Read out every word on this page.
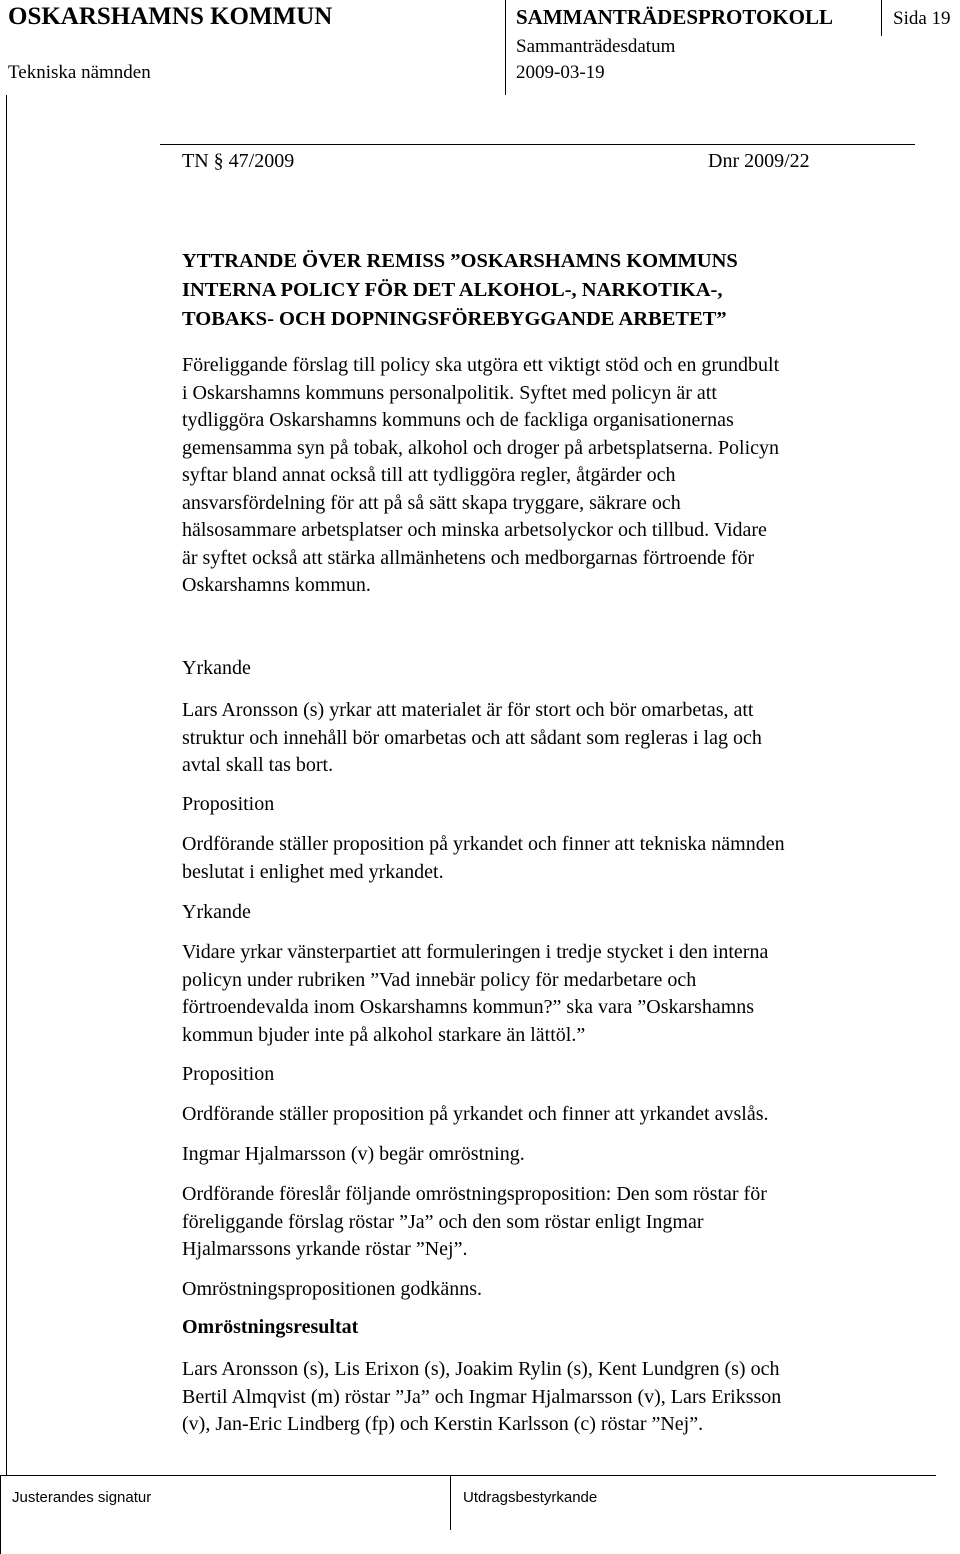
OSKARSHAMNS KOMMUN
Tekniska nämnden
SAMMANTRÄDESPROTOKOLL
Sammanträdesdatum
2009-03-19
Sida 19
TN § 47/2009	Dnr 2009/22

YTTRANDE ÖVER REMISS ”OSKARSHAMNS KOMMUNS

INTERNA POLICY FÖR DET ALKOHOL-, NARKOTIKA-,

TOBAKS- OCH DOPNINGSFÖREBYGGANDE ARBETET”

Föreliggande förslag till policy ska utgöra ett viktigt stöd och en grundbult

i Oskarshamns kommuns personalpolitik. Syftet med policyn är att

tydliggöra Oskarshamns kommuns och de fackliga organisationernas

gemensamma syn på tobak, alkohol och droger på arbetsplatserna. Policyn

syftar bland annat också till att tydliggöra regler, åtgärder och

ansvarsfördelning för att på så sätt skapa tryggare, säkrare och

hälsosammare arbetsplatser och minska arbetsolyckor och tillbud. Vidare

är syftet också att stärka allmänhetens och medborgarnas förtroende för

Oskarshamns kommun.

Yrkande

Lars Aronsson (s) yrkar att materialet är för stort och bör omarbetas, att

struktur och innehåll bör omarbetas och att sådant som regleras i lag och

avtal skall tas bort.

Proposition

Ordförande ställer proposition på yrkandet och finner att tekniska nämnden

beslutat i enlighet med yrkandet.

Yrkande

Vidare yrkar vänsterpartiet att formuleringen i tredje stycket i den interna

policyn under rubriken ”Vad innebär policy för medarbetare och

förtroendevalda inom Oskarshamns kommun?” ska vara ”Oskarshamns

kommun bjuder inte på alkohol starkare än lättöl.”

Proposition

Ordförande ställer proposition på yrkandet och finner att yrkandet avslås.

Ingmar Hjalmarsson (v) begär omröstning.

Ordförande föreslår följande omröstningsproposition: Den som röstar för

föreliggande förslag röstar ”Ja” och den som röstar enligt Ingmar

Hjalmarssons yrkande röstar ”Nej”.

Omröstningspropositionen godkänns.

Omröstningsresultat

Lars Aronsson (s), Lis Erixon (s), Joakim Rylin (s), Kent Lundgren (s) och

Bertil Almqvist (m) röstar ”Ja” och Ingmar Hjalmarsson (v), Lars Eriksson

(v), Jan-Eric Lindberg (fp) och Kerstin Karlsson (c) röstar ”Nej”.

Justerandes signatur	Utdragsbestyrkande
